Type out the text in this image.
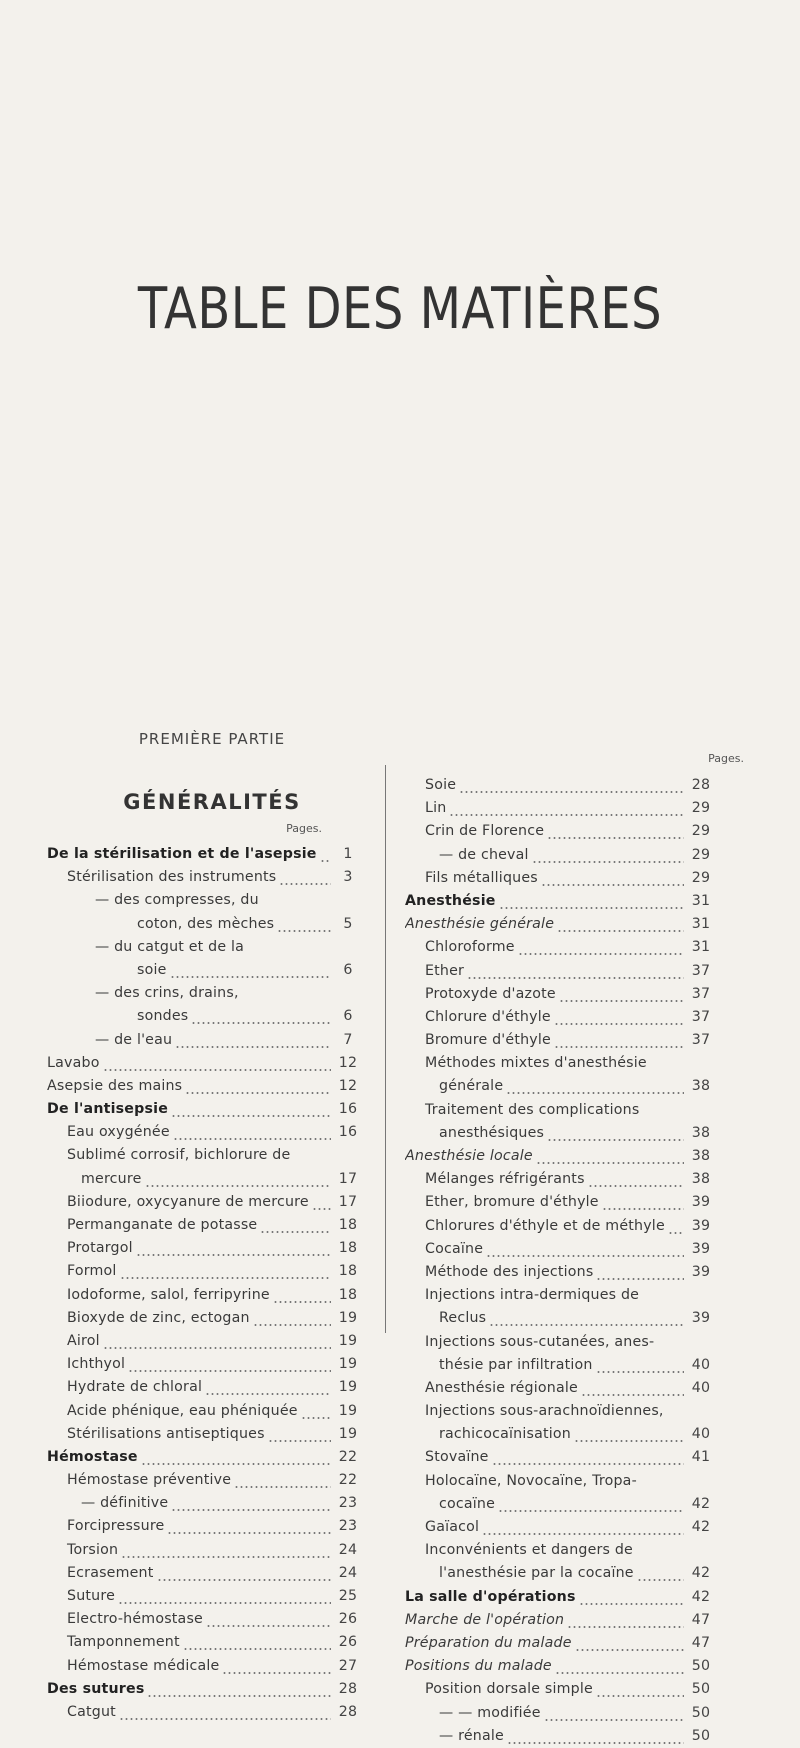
TABLE DES MATIÈRES
PREMIÈRE PARTIE
GÉNÉRALITÉS
Pages.
Pages.
De la stérilisation et de l'asepsie	1
Stérilisation des instruments	3
— des compresses, du
coton, des mèches	5
— du catgut et de la
soie	6
— des crins, drains,
sondes	6
— de l'eau	7
Lavabo	12
Asepsie des mains	12
De l'antisepsie	16
Eau oxygénée	16
Sublimé corrosif, bichlorure de
mercure	17
Biiodure, oxycyanure de mercure 17
Permanganate de potasse	18
Protargol	18
Formol	18
Iodoforme, salol, ferripyrine	18
Bioxyde de zinc, ectogan	19
Airol	19
Ichthyol	19
Hydrate de chloral	19
Acide phénique, eau phéniquée	19
Stérilisations antiseptiques	19
Hémostase	22
Hémostase préventive	22
— définitive	23
Forcipressure	23
Torsion	24
Ecrasement	24
Suture	25
Electro-hémostase	26
Tamponnement	26
Hémostase médicale	27
Des sutures	28
Catgut	28
Soie	28
Lin	29
Crin de Florence	29
— de cheval	29
Fils métalliques	29
Anesthésie	31
Anesthésie générale	31
Chloroforme	31
Ether	37
Protoxyde d'azote	37
Chlorure d'éthyle	37
Bromure d'éthyle	37
Méthodes mixtes d'anesthésie
générale	38
Traitement des complications
anesthésiques	38
Anesthésie locale	38
Mélanges réfrigérants	38
Ether, bromure d'éthyle	39
Chlorures d'éthyle et de méthyle 39
Cocaïne	39
Méthode des injections	39
Injections intra-dermiques de
Reclus	39
Injections sous-cutanées, anes-
thésie par infiltration	40
Anesthésie régionale	40
Injections sous-arachnoïdiennes,
rachicocaïnisation	40
Stovaïne	41
Holocaïne, Novocaïne, Tropa-
cocaïne	42
Gaïacol	42
Inconvénients et dangers de
l'anesthésie par la cocaïne	42
La salle d'opérations	42
Marche de l'opération	47
Préparation du malade	47
Positions du malade	50
Position dorsale simple	50
— — modifiée	50
— rénale	50
